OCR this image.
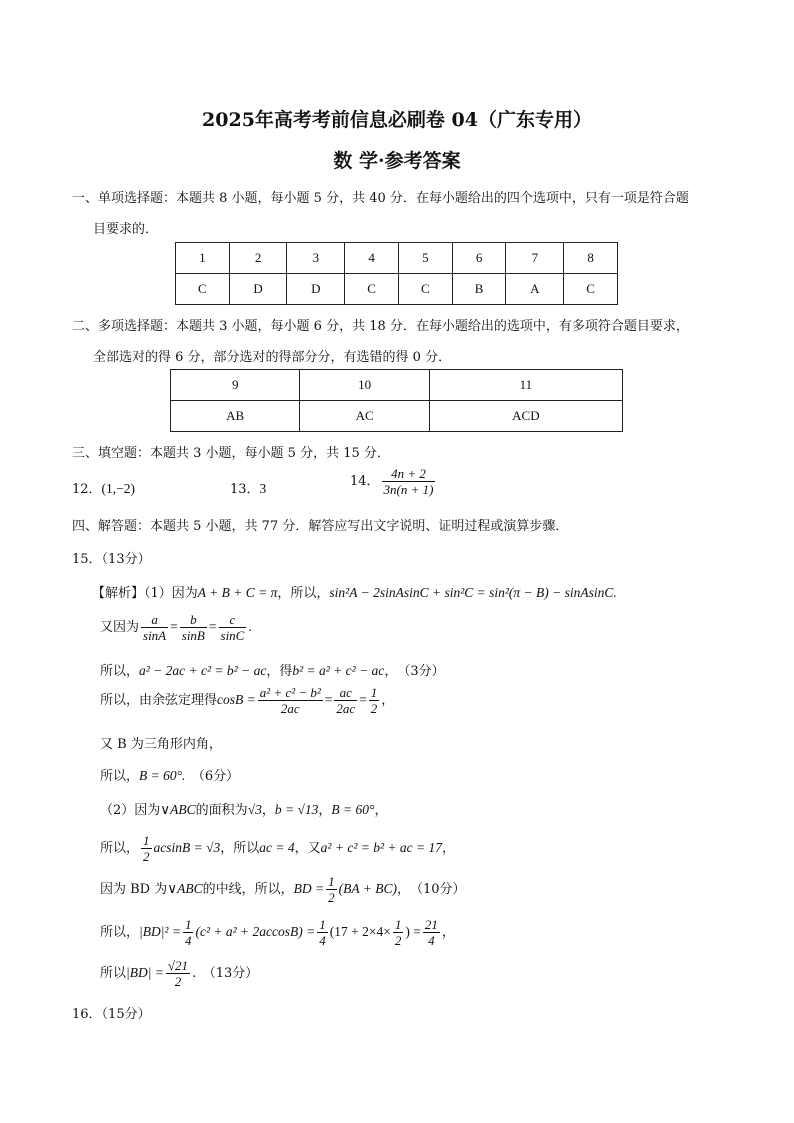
2025年高考考前信息必刷卷 04（广东专用）
数 学·参考答案
一、单项选择题：本题共 8 小题，每小题 5 分，共 40 分．在每小题给出的四个选项中，只有一项是符合题
目要求的．
1	2	3	4	5	6	7	8
C	D	D	C	C	B	A	C
二、多项选择题：本题共 3 小题，每小题 6 分，共 18 分．在每小题给出的选项中，有多项符合题目要求，
全部选对的得 6 分，部分选对的得部分分，有选错的得 0 分．
9	10	11
AB	AC	ACD
三、填空题：本题共 3 小题，每小题 5 分，共 15 分．
12．(1,−2)	13．3	14． $\frac{4n + 2}{3n(n + 1)}$
四、解答题：本题共 5 小题，共 77 分．解答应写出文字说明、证明过程或演算步骤．
15．（13分）
【解析】（1）因为A + B + C = π，所以，sin²A − 2sinAsinC + sin²C = sin²(π − B) − sinAsinC.
又因为 $\frac{a}{\sin A} = \frac{b}{\sin B} = \frac{c}{\sin C}$ .
所以，a² − 2ac + c² = b² − ac，得b² = a² + c² − ac，　（3分）
所以，由余弦定理得$\cos B = \frac{\text{a² + c² − b²}}{2ac} = \frac{ac}{2ac} = \frac{1}{2}$ ，
又 B 为三角形内角，
所以，B = 60°.　（6分）
（2）因为∨ABC的面积为√3，b = √13，B = 60°，
所以， $\frac{1}{2}$ acsinB = √3，所以ac = 4，又a² + c² = b² + ac = 17，
因为 BD 为∨ABC的中线，所以，BD = $\frac{1}{2} (BA + BC)$，　（10分）
所以，$|BD|^2 = \frac{1}{4} (c^2 + a^2 + 2accosB) = \frac{1}{4} (17 + 2\times 4\times \frac{1}{2}$ ) = $\frac{21}{4}$ ，
所以$|BD| = \frac{√21}{2}$ .　（13分）
16．（15分）
